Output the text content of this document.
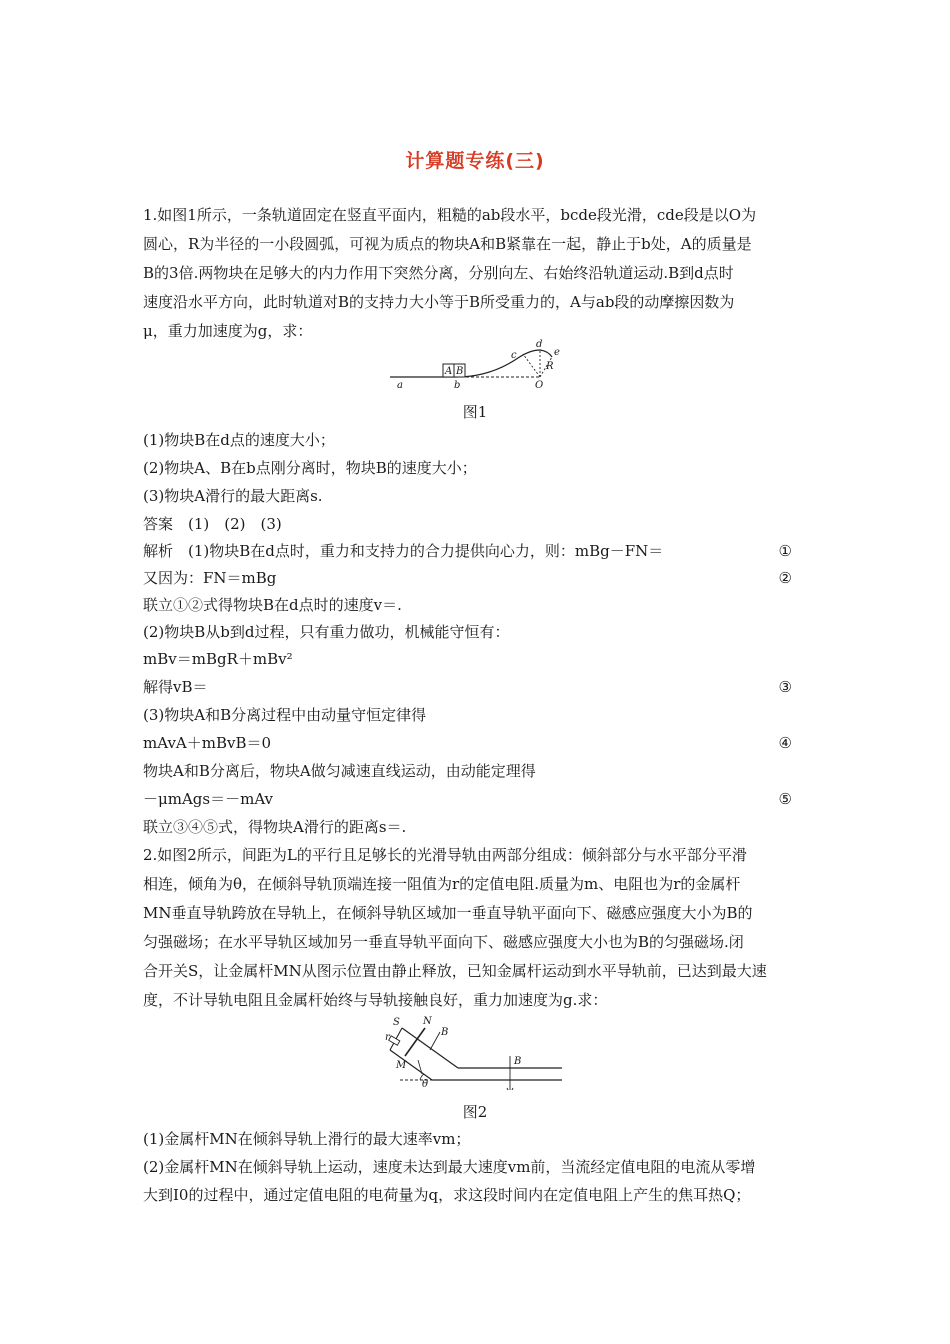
计算题专练(三)
1.如图1所示，一条轨道固定在竖直平面内，粗糙的ab段水平，bcde段光滑，cde段是以O为
圆心，R为半径的一小段圆弧，可视为质点的物块A和B紧靠在一起，静止于b处，A的质量是
B的3倍.两物块在足够大的内力作用下突然分离，分别向左、右始终沿轨道运动.B到d点时
速度沿水平方向，此时轨道对B的支持力大小等于B所受重力的，A与ab段的动摩擦因数为
μ，重力加速度为g，求：
A B
a	b
c
d
e
R
O
图1
(1)物块B在d点的速度大小；
(2)物块A、B在b点刚分离时，物块B的速度大小；
(3)物块A滑行的最大距离s.
答案　(1)　(2)　(3)
解析　(1)物块B在d点时，重力和支持力的合力提供向心力，则：mBg－FN＝	①
又因为：FN＝mBg	②
联立①②式得物块B在d点时的速度v＝.
(2)物块B从b到d过程，只有重力做功，机械能守恒有：
mBv＝mBgR＋mBv²
解得vB＝	③
(3)物块A和B分离过程中由动量守恒定律得
mAvA＋mBvB＝0	④
物块A和B分离后，物块A做匀减速直线运动，由动能定理得
－μmAgs＝－mAv	⑤
联立③④⑤式，得物块A滑行的距离s＝.
2.如图2所示，间距为L的平行且足够长的光滑导轨由两部分组成：倾斜部分与水平部分平滑
相连，倾角为θ，在倾斜导轨顶端连接一阻值为r的定值电阻.质量为m、电阻也为r的金属杆
MN垂直导轨跨放在导轨上，在倾斜导轨区域加一垂直导轨平面向下、磁感应强度大小为B的
匀强磁场；在水平导轨区域加另一垂直导轨平面向下、磁感应强度大小也为B的匀强磁场.闭
合开关S，让金属杆MN从图示位置由静止释放，已知金属杆运动到水平导轨前，已达到最大速
度，不计导轨电阻且金属杆始终与导轨接触良好，重力加速度为g.求：
S
r
N
B
B
M
θ
图2
(1)金属杆MN在倾斜导轨上滑行的最大速率vm；
(2)金属杆MN在倾斜导轨上运动，速度未达到最大速度vm前，当流经定值电阻的电流从零增
大到I0的过程中，通过定值电阻的电荷量为q，求这段时间内在定值电阻上产生的焦耳热Q；
